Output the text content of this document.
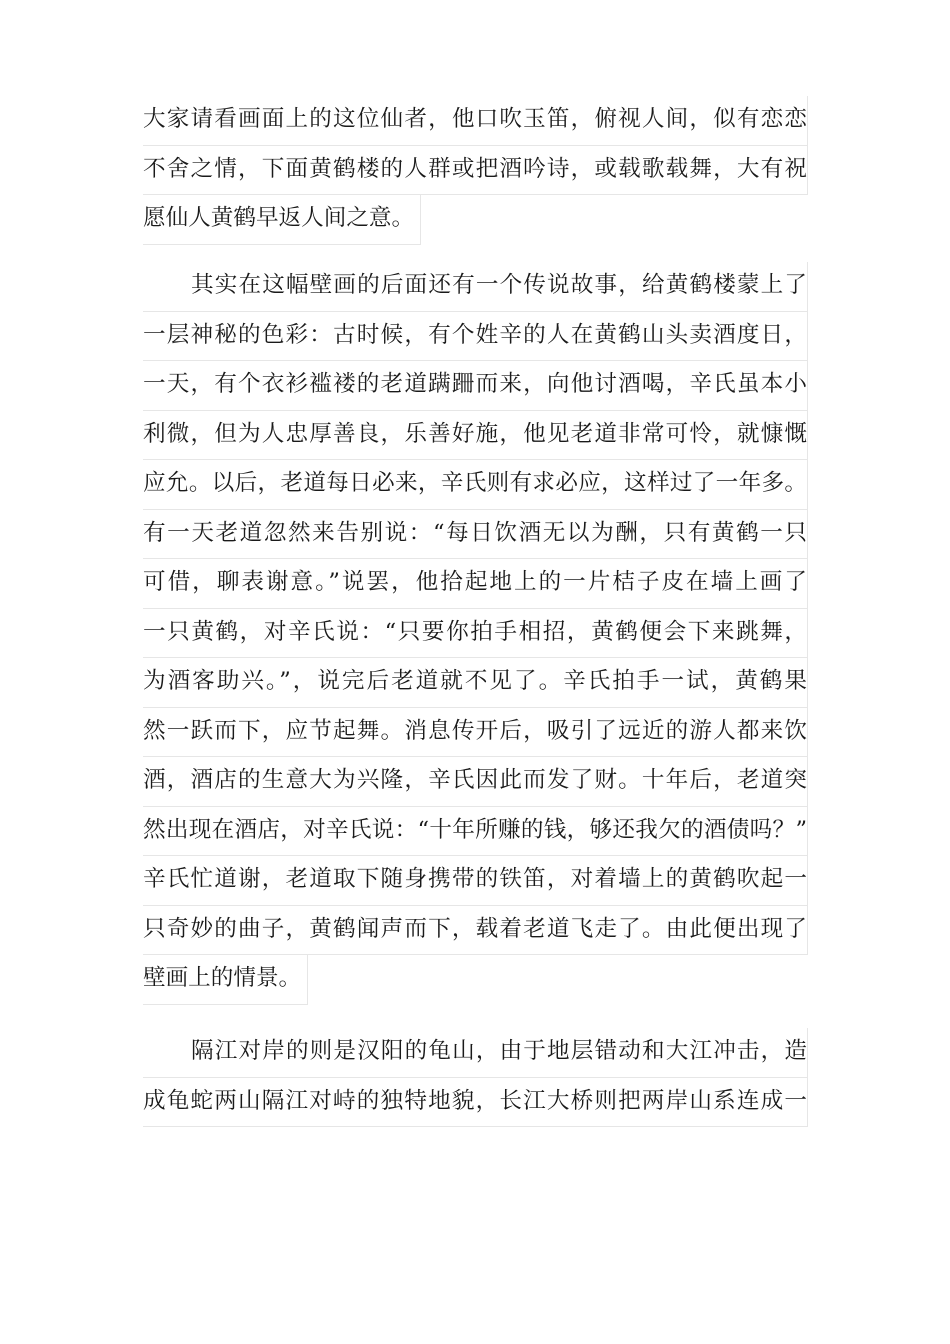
大家请看画面上的这位仙者，他口吹玉笛，俯视人间，似有恋恋
不舍之情，下面黄鹤楼的人群或把酒吟诗，或载歌载舞，大有祝
愿仙人黄鹤早返人间之意。
其实在这幅壁画的后面还有一个传说故事，给黄鹤楼蒙上了
一层神秘的色彩：古时候，有个姓辛的人在黄鹤山头卖酒度日，
一天，有个衣衫褴褛的老道蹒跚而来，向他讨酒喝，辛氏虽本小
利微，但为人忠厚善良，乐善好施，他见老道非常可怜，就慷慨
应允。以后，老道每日必来，辛氏则有求必应，这样过了一年多。
有一天老道忽然来告别说：“每日饮酒无以为酬，只有黄鹤一只
可借，聊表谢意。”说罢，他拾起地上的一片桔子皮在墙上画了
一只黄鹤，对辛氏说：“只要你拍手相招，黄鹤便会下来跳舞，
为酒客助兴。”，说完后老道就不见了。辛氏拍手一试，黄鹤果
然一跃而下，应节起舞。消息传开后，吸引了远近的游人都来饮
酒，酒店的生意大为兴隆，辛氏因此而发了财。十年后，老道突
然出现在酒店，对辛氏说：“十年所赚的钱，够还我欠的酒债吗？”
辛氏忙道谢，老道取下随身携带的铁笛，对着墙上的黄鹤吹起一
只奇妙的曲子，黄鹤闻声而下，载着老道飞走了。由此便出现了
壁画上的情景。
隔江对岸的则是汉阳的龟山，由于地层错动和大江冲击，造
成龟蛇两山隔江对峙的独特地貌，长江大桥则把两岸山系连成一
